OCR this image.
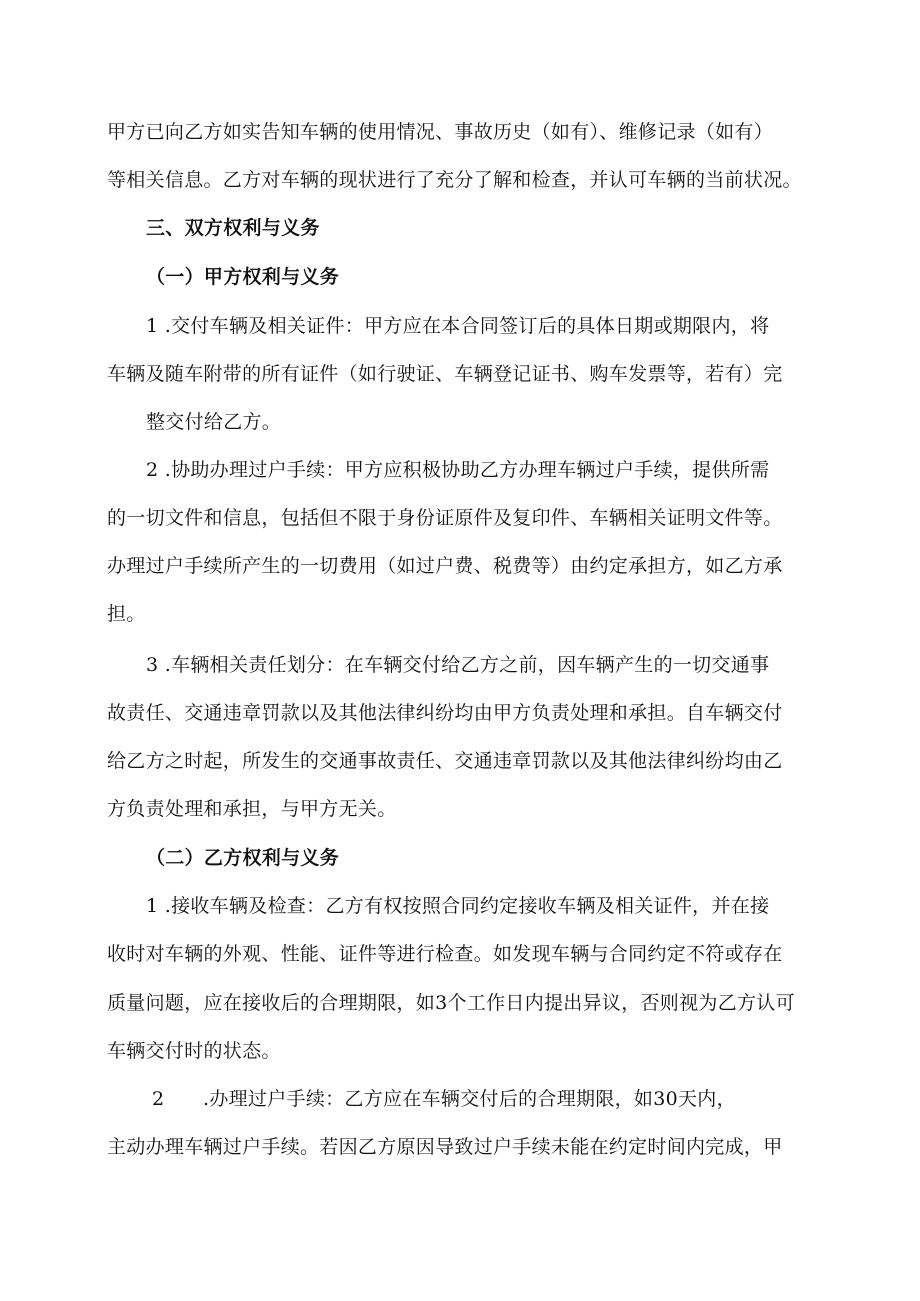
甲方已向乙方如实告知车辆的使用情况、事故历史（如有）、维修记录（如有）
等相关信息。乙方对车辆的现状进行了充分了解和检查，并认可车辆的当前状况。
三、双方权利与义务
（一）甲方权利与义务
1 .交付车辆及相关证件：甲方应在本合同签订后的具体日期或期限内，将
车辆及随车附带的所有证件（如行驶证、车辆登记证书、购车发票等，若有）完
整交付给乙方。
2 .协助办理过户手续：甲方应积极协助乙方办理车辆过户手续，提供所需
的一切文件和信息，包括但不限于身份证原件及复印件、车辆相关证明文件等。
办理过户手续所产生的一切费用（如过户费、税费等）由约定承担方，如乙方承
担。
3 .车辆相关责任划分：在车辆交付给乙方之前，因车辆产生的一切交通事
故责任、交通违章罚款以及其他法律纠纷均由甲方负责处理和承担。自车辆交付
给乙方之时起，所发生的交通事故责任、交通违章罚款以及其他法律纠纷均由乙
方负责处理和承担，与甲方无关。
（二）乙方权利与义务
1 .接收车辆及检查：乙方有权按照合同约定接收车辆及相关证件，并在接
收时对车辆的外观、性能、证件等进行检查。如发现车辆与合同约定不符或存在
质量问题，应在接收后的合理期限，如3个工作日内提出异议，否则视为乙方认可
车辆交付时的状态。
2　　.办理过户手续：乙方应在车辆交付后的合理期限，如30天内，
主动办理车辆过户手续。若因乙方原因导致过户手续未能在约定时间内完成，甲
